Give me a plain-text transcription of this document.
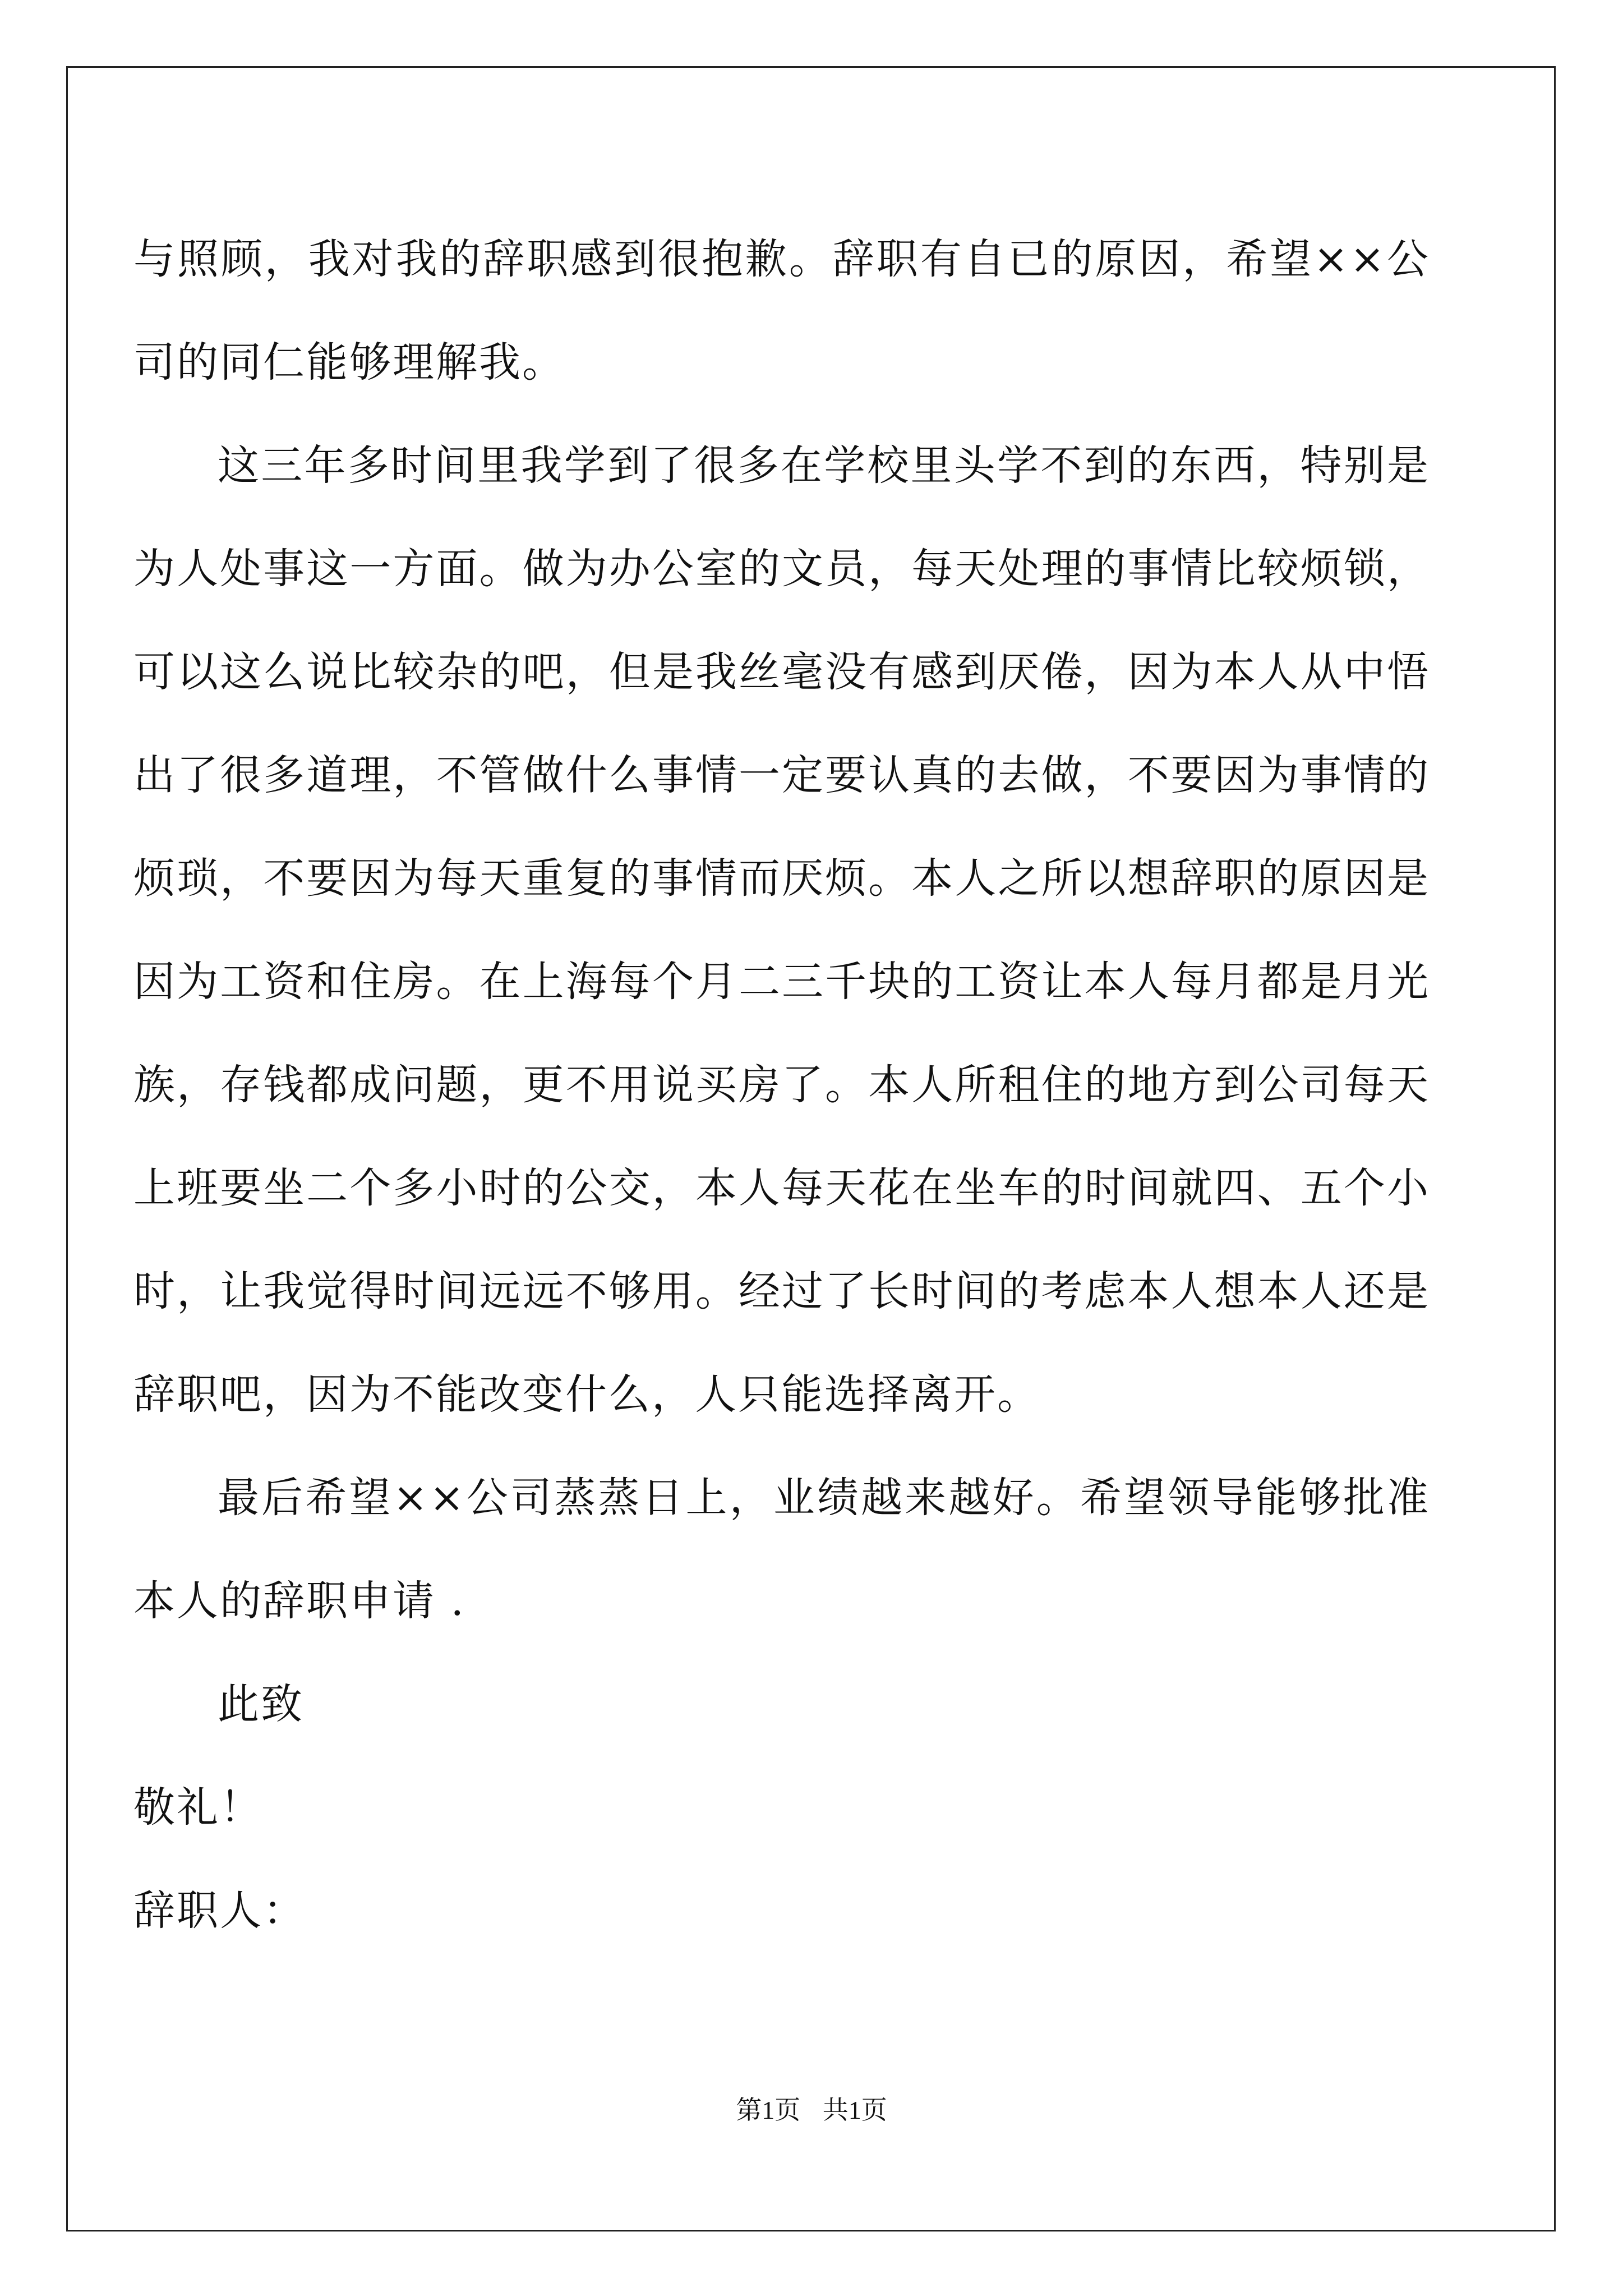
与照顾，我对我的辞职感到很抱歉。辞职有自已的原因，希望××公
司的同仁能够理解我。
这三年多时间里我学到了很多在学校里头学不到的东西，特别是
为人处事这一方面。做为办公室的文员，每天处理的事情比较烦锁，
可以这么说比较杂的吧，但是我丝毫没有感到厌倦，因为本人从中悟
出了很多道理，不管做什么事情一定要认真的去做，不要因为事情的
烦琐，不要因为每天重复的事情而厌烦。本人之所以想辞职的原因是
因为工资和住房。在上海每个月二三千块的工资让本人每月都是月光
族，存钱都成问题，更不用说买房了。本人所租住的地方到公司每天
上班要坐二个多小时的公交，本人每天花在坐车的时间就四、五个小
时，让我觉得时间远远不够用。经过了长时间的考虑本人想本人还是
辞职吧，因为不能改变什么，人只能选择离开。
最后希望××公司蒸蒸日上，业绩越来越好。希望领导能够批准
本人的辞职申请 .
此致
敬礼！
辞职人：
第1页 共1页
